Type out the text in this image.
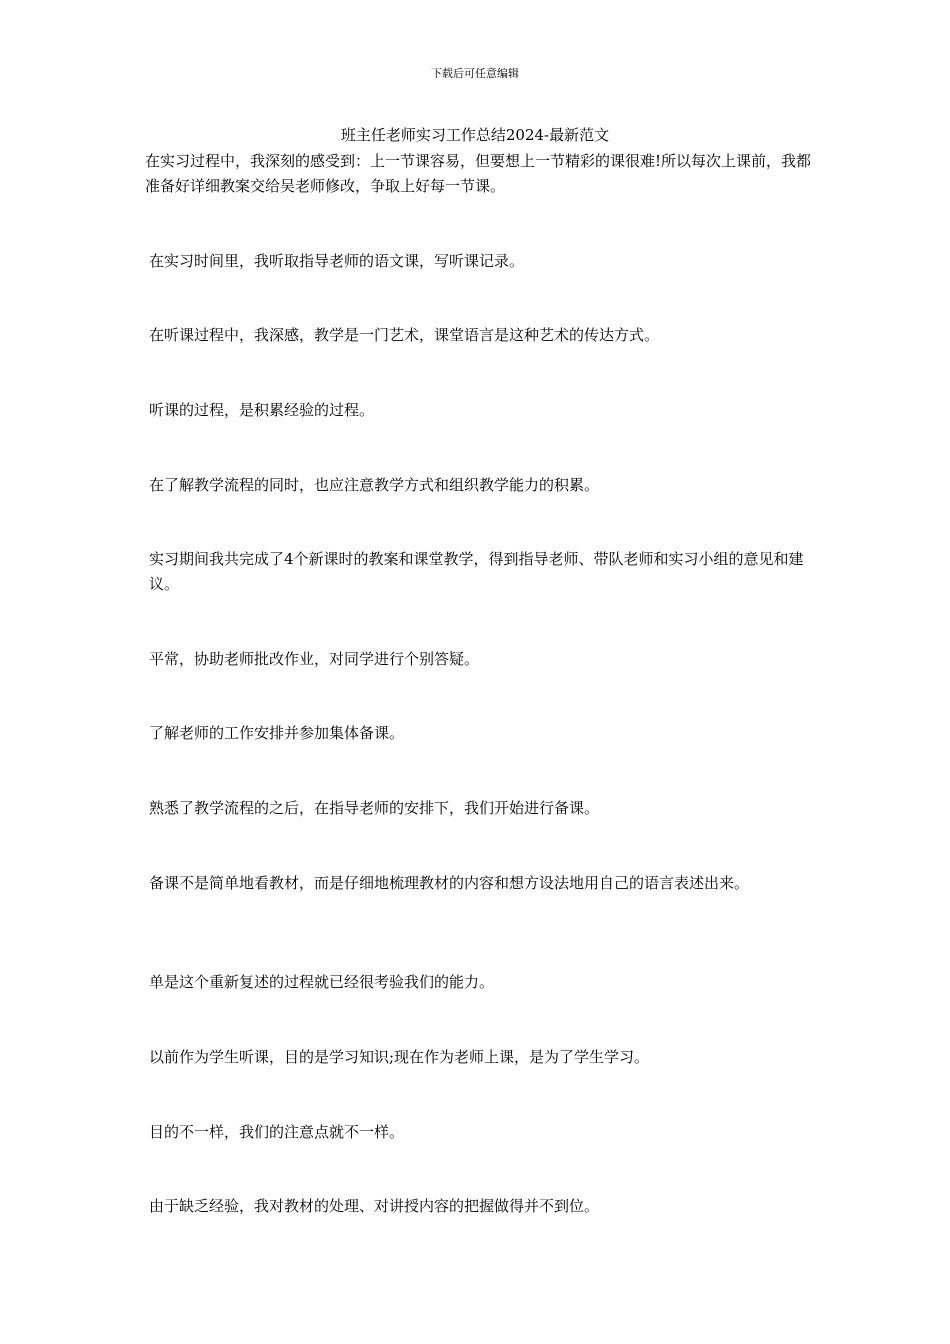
下载后可任意编辑
班主任老师实习工作总结2024-最新范文

在实习过程中，我深刻的感受到：上一节课容易，但要想上一节精彩的课很难!所以每次上课前，我都准备好详细教案交给吴老师修改，争取上好每一节课。

在实习时间里，我听取指导老师的语文课，写听课记录。

在听课过程中，我深感，教学是一门艺术，课堂语言是这种艺术的传达方式。

听课的过程，是积累经验的过程。

在了解教学流程的同时，也应注意教学方式和组织教学能力的积累。

实习期间我共完成了4个新课时的教案和课堂教学，得到指导老师、带队老师和实习小组的意见和建议。

平常，协助老师批改作业，对同学进行个别答疑。

了解老师的工作安排并参加集体备课。

熟悉了教学流程的之后，在指导老师的安排下，我们开始进行备课。

备课不是简单地看教材，而是仔细地梳理教材的内容和想方设法地用自己的语言表述出来。

单是这个重新复述的过程就已经很考验我们的能力。

以前作为学生听课，目的是学习知识;现在作为老师上课，是为了学生学习。

目的不一样，我们的注意点就不一样。

由于缺乏经验，我对教材的处理、对讲授内容的把握做得并不到位。
